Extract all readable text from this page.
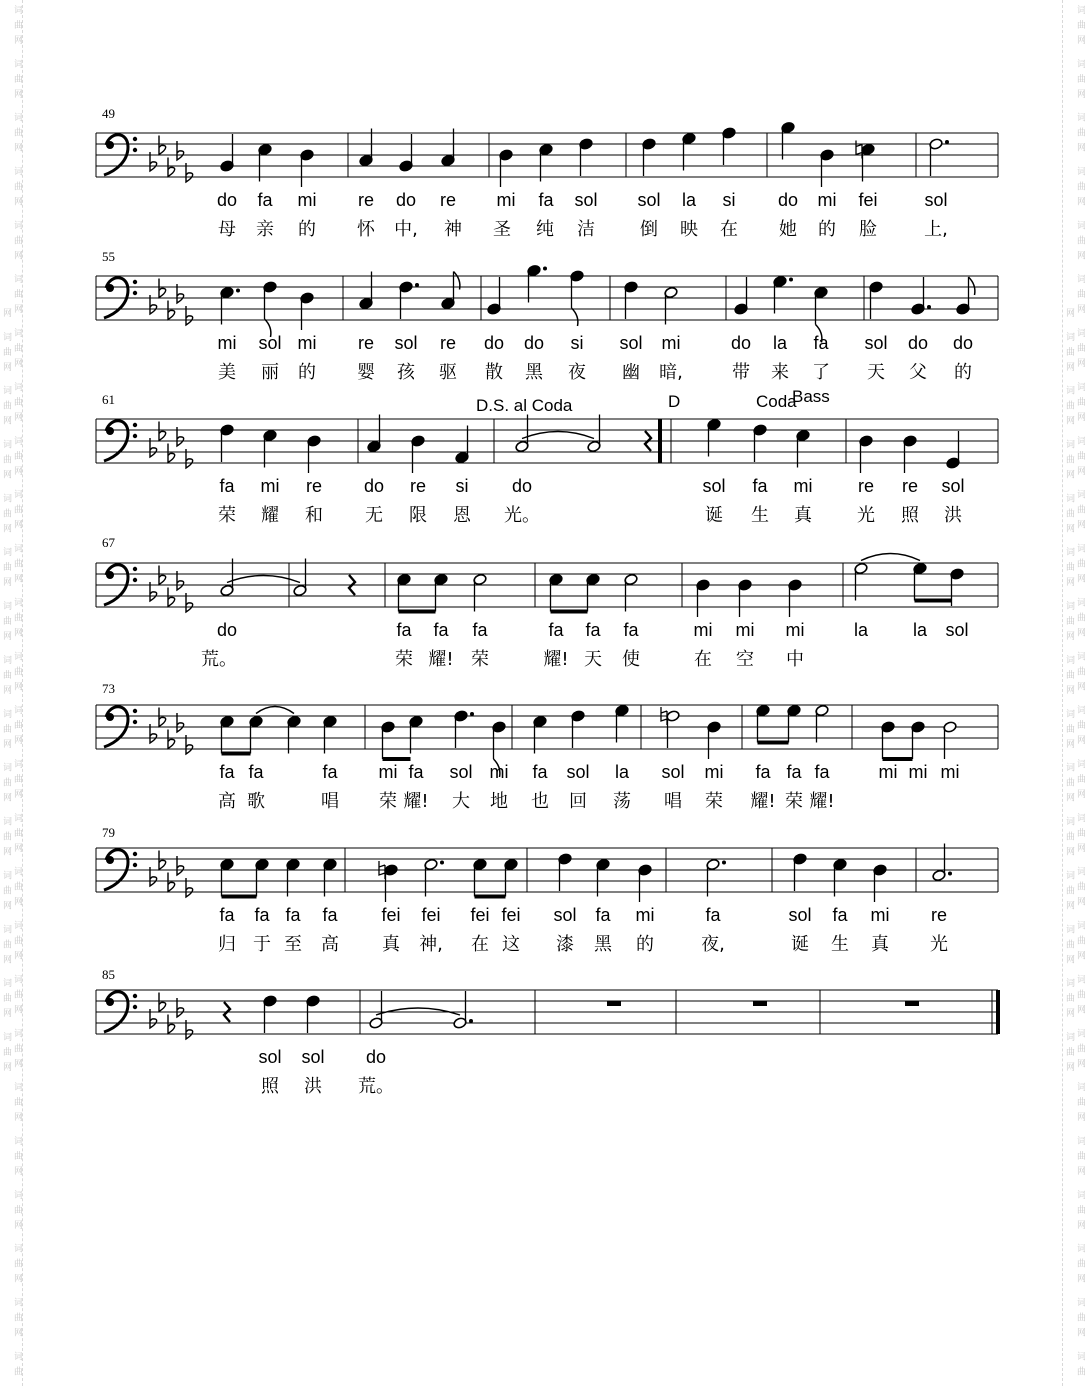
词曲网 词曲网 词曲网 词曲网 词曲网 词曲网 词曲网 词曲网 词曲网 词曲网 词曲网 词曲网 词曲网 词曲网 词曲网 词曲网 词曲网 词曲网 词曲网 词曲网 词曲网 词曲网 词曲网 词曲网 词曲网 词曲网 词曲网 词曲网 词曲网 词曲网 词曲网 词曲网 词曲网 词曲网 词曲网 词曲网 词曲网 词曲网 词曲网 词曲网	词曲网 词曲网 词曲网 词曲网 词曲网 词曲网 词曲网 词曲网 词曲网 词曲网 词曲网 词曲网 词曲网 词曲网 词曲网 词曲网 词曲网 词曲网 词曲网 词曲网 词曲网 词曲网 词曲网 词曲网 词曲网 词曲网 词曲网 词曲网 词曲网 词曲网 词曲网 词曲网 词曲网 词曲网 词曲网 词曲网 词曲网 词曲网 词曲网 词曲网
49
do fa mi re do re mi fa sol sol la si do mi fei	sol
母 亲 的 怀 中, 神 圣 纯 洁	倒 映 在 她 的 脸	上,
55
mi sol mi re sol re do do si sol mi	do la fa sol do do
美 丽 的 婴 孩 驱 散 黑 夜 幽 暗,	带 来 了 天 父 的
61
fa mi re do re si do	sol fa mi	re re sol
荣 耀 和 无 限 恩 光。	诞 生 真	光 照 洪
67
do	fa fa fa	fa fa fa	mi mi mi	la la sol
荒。	荣 耀! 荣	耀! 天 使	在 空 中
73
fa fa	fa mi fa sol mi fa sol la sol mi fa fa fa	mi mi mi
高 歌	唱 荣 耀! 大 地 也 回 荡 唱 荣 耀! 荣 耀!
79
fa fa fa fa fei fei fei fei sol fa mi	fa	sol fa mi re
归 于 至 高 真 神, 在 这 漆 黑 的	夜,	诞 生 真 光
85
sol sol do
照 洪 荒。
D.S. al Coda	D	Coda
Bass
